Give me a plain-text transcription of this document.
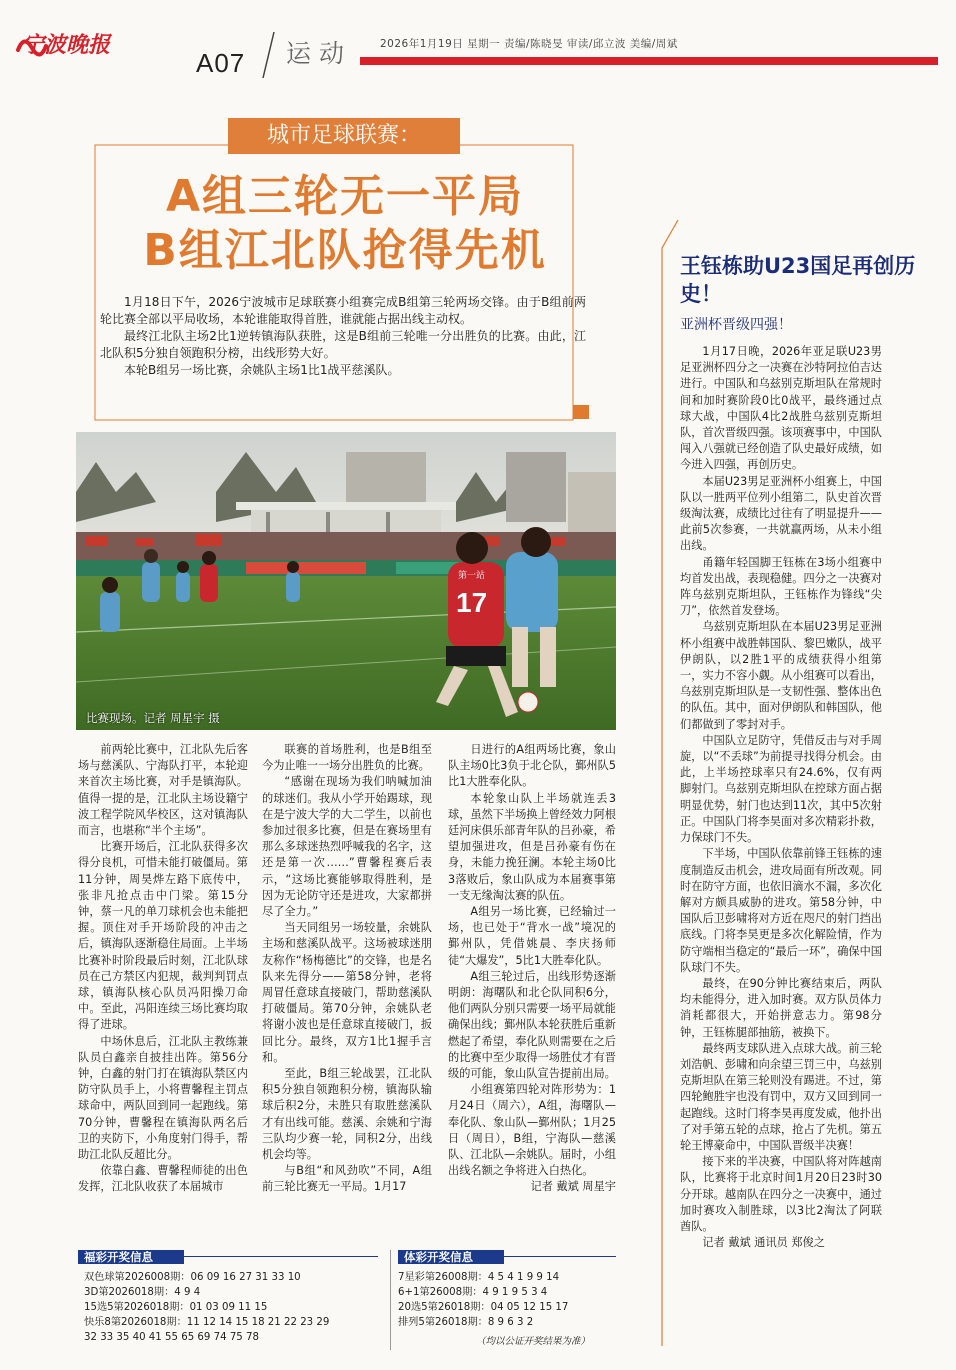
宁波晚报
A07 运动	2026年1月19日 星期一 责编/陈晓旻 审读/邱立波 美编/周斌
城市足球联赛：
A组三轮无一平局
B组江北队抢得先机

1月18日下午，2026宁波城市足球联赛小组赛完成B组第三轮两场交锋。由于B组前两轮比赛全部以平局收场，本轮谁能取得首胜，谁就能占据出线主动权。

最终江北队主场2比1逆转镇海队获胜，这是B组前三轮唯一分出胜负的比赛。由此，江北队积5分独自领跑积分榜，出线形势大好。

本轮B组另一场比赛，余姚队主场1比1战平慈溪队。

17
第一站
比赛现场。记者 周星宇 摄

前两轮比赛中，江北队先后客场与慈溪队、宁海队打平，本轮迎来首次主场比赛，对手是镇海队。值得一提的是，江北队主场设籍宁波工程学院风华校区，这对镇海队而言，也堪称“半个主场”。

比赛开场后，江北队获得多次得分良机，可惜未能打破僵局。第11分钟，周昊烨左路下底传中，张非凡抢点击中门梁。第15分钟，蔡一凡的单刀球机会也未能把握。顶住对手开场阶段的冲击之后，镇海队逐渐稳住局面。上半场比赛补时阶段最后时刻，江北队球员在己方禁区内犯规，裁判判罚点球，镇海队核心队员冯阳操刀命中。至此，冯阳连续三场比赛均取得了进球。

中场休息后，江北队主教练兼队员白鑫亲自披挂出阵。第56分钟，白鑫的射门打在镇海队禁区内防守队员手上，小将曹馨程主罚点球命中，两队回到同一起跑线。第70分钟，曹馨程在镇海队两名后卫的夹防下，小角度射门得手，帮助江北队反超比分。

依靠白鑫、曹馨程师徒的出色发挥，江北队收获了本届城市

联赛的首场胜利，也是B组至今为止唯一一场分出胜负的比赛。

“感谢在现场为我们呐喊加油的球迷们。我从小学开始踢球，现在是宁波大学的大二学生，以前也参加过很多比赛，但是在赛场里有那么多球迷热烈呼喊我的名字，这还是第一次……”曹馨程赛后表示，“这场比赛能够取得胜利，是因为无论防守还是进攻，大家都拼尽了全力。”

当天同组另一场较量，余姚队主场和慈溪队战平。这场被球迷朋友称作“杨梅德比”的交锋，也是名队来先得分——第58分钟，老将周冒任意球直接破门，帮助慈溪队打破僵局。第70分钟，余姚队老将谢小波也是任意球直接破门，扳回比分。最终，双方1比1握手言和。

至此，B组三轮战罢，江北队积5分独自领跑积分榜，镇海队输球后积2分，未胜只有取胜慈溪队才有出线可能。慈溪、余姚和宁海三队均少赛一轮，同积2分，出线机会均等。

与B组“和风劲吹”不同，A组前三轮比赛无一平局。1月17

日进行的A组两场比赛，象山队主场0比3负于北仑队，鄞州队5比1大胜奉化队。

本轮象山队上半场就连丢3球，虽然下半场换上曾经效力阿根廷河床俱乐部青年队的吕孙豪，希望加强进攻，但是吕孙豪有伤在身，未能力挽狂澜。本轮主场0比3落败后，象山队成为本届赛事第一支无缘淘汰赛的队伍。

A组另一场比赛，已经输过一场，也已处于“背水一战”境况的鄞州队，凭借姚晨、李庆扬师徒“大爆发”，5比1大胜奉化队。

A组三轮过后，出线形势逐渐明朗：海曙队和北仑队同积6分，他们两队分别只需要一场平局就能确保出线；鄞州队本轮获胜后重新燃起了希望，奉化队则需要在之后的比赛中至少取得一场胜仗才有晋级的可能，象山队宣告提前出局。

小组赛第四轮对阵形势为：1月24日（周六），A组，海曙队—奉化队、象山队—鄞州队；1月25日（周日），B组，宁海队—慈溪队、江北队—余姚队。届时，小组出线名额之争将进入白热化。

记者 戴斌 周星宇

王钰栋助U23国足再创历史！
亚洲杯晋级四强！

1月17日晚，2026年亚足联U23男足亚洲杯四分之一决赛在沙特阿拉伯吉达进行。中国队和乌兹别克斯坦队在常规时间和加时赛阶段0比0战平，最终通过点球大战，中国队4比2战胜乌兹别克斯坦队，首次晋级四强。该项赛事中，中国队闯入八强就已经创造了队史最好成绩，如今进入四强，再创历史。

本届U23男足亚洲杯小组赛上，中国队以一胜两平位列小组第二，队史首次晋级淘汰赛，成绩比过往有了明显提升——此前5次参赛，一共就赢两场，从未小组出线。

甬籍年轻国脚王钰栋在3场小组赛中均首发出战，表现稳健。四分之一决赛对阵乌兹别克斯坦队，王钰栋作为锋线“尖刀”，依然首发登场。

乌兹别克斯坦队在本届U23男足亚洲杯小组赛中战胜韩国队、黎巴嫩队，战平伊朗队，以2胜1平的成绩获得小组第一，实力不容小觑。从小组赛可以看出，乌兹别克斯坦队是一支韧性强、整体出色的队伍。其中，面对伊朗队和韩国队，他们都做到了零封对手。

中国队立足防守，凭借反击与对手周旋，以“不丢球”为前提寻找得分机会。由此，上半场控球率只有24.6%，仅有两脚射门。乌兹别克斯坦队在控球方面占据明显优势，射门也达到11次，其中5次射正。中国队门将李昊面对多次精彩扑救，力保球门不失。

下半场，中国队依靠前锋王钰栋的速度制造反击机会，进攻局面有所改观。同时在防守方面，也依旧滴水不漏，多次化解对方颇具威胁的进攻。第58分钟，中国队后卫彭啸将对方近在咫尺的射门挡出底线。门将李昊更是多次化解险情，作为防守端相当稳定的“最后一环”，确保中国队球门不失。

最终，在90分钟比赛结束后，两队均未能得分，进入加时赛。双方队员体力消耗都很大，开始拼意志力。第98分钟，王钰栋腿部抽筋，被换下。

最终两支球队进入点球大战。前三轮刘浩帆、彭啸和向余望三罚三中，乌兹别克斯坦队在第三轮则没有踢进。不过，第四轮鲍胜宇也没有罚中，双方又回到同一起跑线。这时门将李昊再度发威，他扑出了对手第五轮的点球，抢占了先机。第五轮王博豪命中，中国队晋级半决赛！

接下来的半决赛，中国队将对阵越南队，比赛将于北京时间1月20日23时30分开球。越南队在四分之一决赛中，通过加时赛攻入制胜球，以3比2淘汰了阿联酋队。

记者 戴斌 通讯员 郑俊之

福彩开奖信息
双色球第2026008期：06 09 16 27 31 33 10
3D第2026018期：4 9 4
15选5第2026018期：01 03 09 11 15
快乐8第2026018期：11 12 14 15 18 21 22 23 29
32 33 35 40 41 55 65 69 74 75 78
体彩开奖信息
7星彩第26008期：4 5 4 1 9 9 14
6+1第26008期：4 9 1 9 5 3 4
20选5第26018期：04 05 12 15 17
排列5第26018期：8 9 6 3 2
（均以公证开奖结果为准）
